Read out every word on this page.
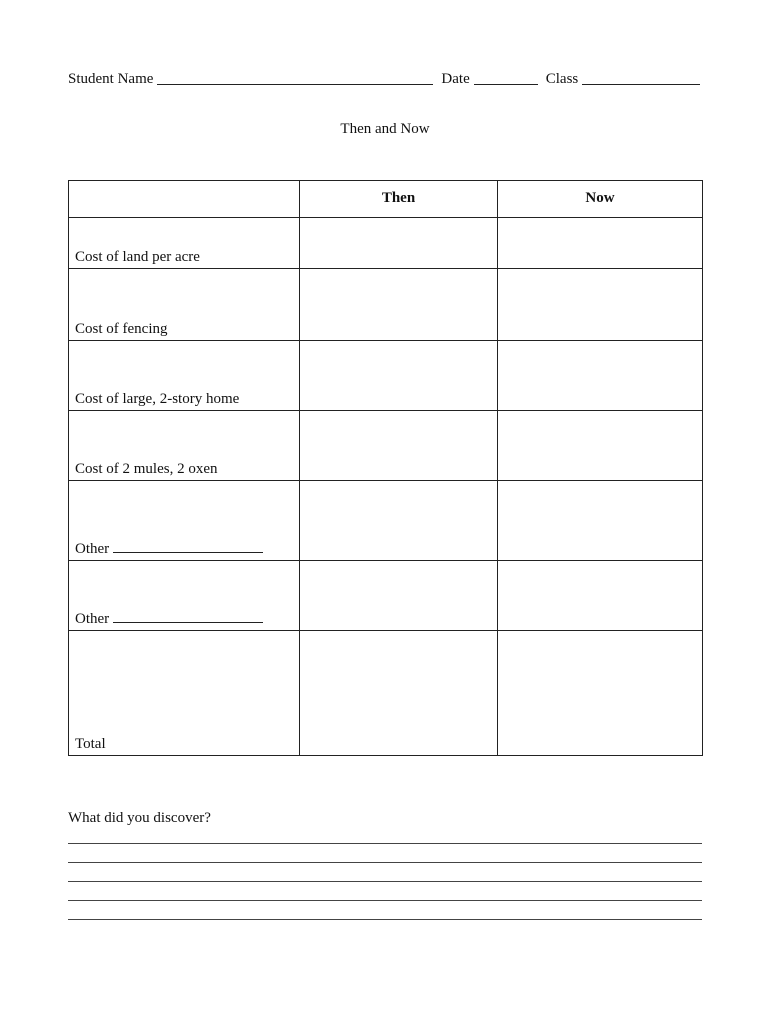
Student Name	Date	Class
Then and Now
	Then	Now
Cost of land per acre		
Cost of fencing		
Cost of large, 2-story home		
Cost of 2 mules, 2 oxen		
Other		
Other		
Total		
What did you discover?
